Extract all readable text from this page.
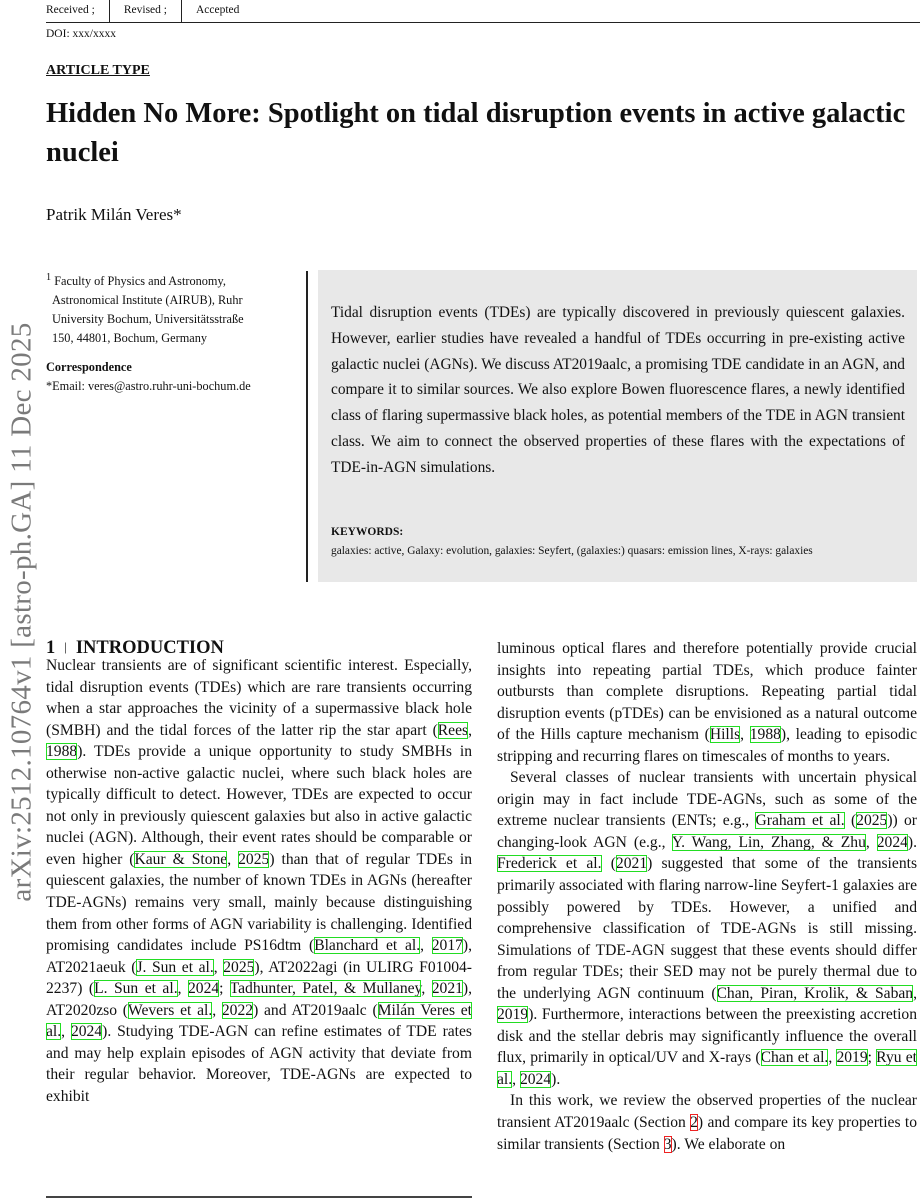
Received ;	Revised ;	Accepted
DOI: xxx/xxxx
ARTICLE TYPE
Hidden No More: Spotlight on tidal disruption events in active galactic nuclei
Patrik Milán Veres*
$^1$ Faculty of Physics and Astronomy,
Astronomical Institute (AIRUB), Ruhr
University Bochum, Universitätsstraße
150, 44801, Bochum, Germany
Correspondence
*Email: veres@astro.ruhr-uni-bochum.de
Tidal disruption events (TDEs) are typically discovered in previously quiescent galaxies. However, earlier studies have revealed a handful of TDEs occurring in pre-existing active galactic nuclei (AGNs). We discuss AT2019aalc, a promising TDE candidate in an AGN, and compare it to similar sources. We also explore Bowen fluorescence flares, a newly identified class of flaring supermassive black holes, as potential members of the TDE in AGN transient class. We aim to connect the observed properties of these flares with the expectations of TDE-in-AGN simulations.
KEYWORDS:
galaxies: active, Galaxy: evolution, galaxies: Seyfert, (galaxies:) quasars: emission lines, X-rays: galaxies
arXiv:2512.10764v1 [astro-ph.GA] 11 Dec 2025 1 | INTRODUCTION

Nuclear transients are of significant scientific interest. Especially, tidal disruption events (TDEs) which are rare transients occurring when a star approaches the vicinity of a supermassive black hole (SMBH) and the tidal forces of the latter rip the star apart (Rees, 1988). TDEs provide a unique opportunity to study SMBHs in otherwise non-active galactic nuclei, where such black holes are typically difficult to detect. However, TDEs are expected to occur not only in previously quiescent galaxies but also in active galactic nuclei (AGN). Although, their event rates should be comparable or even higher (Kaur & Stone, 2025) than that of regular TDEs in quiescent galaxies, the number of known TDEs in AGNs (hereafter TDE-AGNs) remains very small, mainly because distinguishing them from other forms of AGN variability is challenging. Identified promising candidates include PS16dtm (Blanchard et al., 2017), AT2021aeuk (J. Sun et al., 2025), AT2022agi (in ULIRG F01004-2237) (L. Sun et al., 2024; Tadhunter, Patel, & Mullaney, 2021), AT2020zso (Wevers et al., 2022) and AT2019aalc (Milán Veres et al., 2024). Studying TDE-AGN can refine estimates of TDE rates and may help explain episodes of AGN activity that deviate from their regular behavior. Moreover, TDE-AGNs are expected to exhibit

luminous optical flares and therefore potentially provide crucial insights into repeating partial TDEs, which produce fainter outbursts than complete disruptions. Repeating partial tidal disruption events (pTDEs) can be envisioned as a natural outcome of the Hills capture mechanism (Hills, 1988), leading to episodic stripping and recurring flares on timescales of months to years.

Several classes of nuclear transients with uncertain physical origin may in fact include TDE-AGNs, such as some of the extreme nuclear transients (ENTs; e.g., Graham et al. (2025)) or changing-look AGN (e.g., Y. Wang, Lin, Zhang, & Zhu, 2024). Frederick et al. (2021) suggested that some of the transients primarily associated with flaring narrow-line Seyfert-1 galaxies are possibly powered by TDEs. However, a unified and comprehensive classification of TDE-AGNs is still missing. Simulations of TDE-AGN suggest that these events should differ from regular TDEs; their SED may not be purely thermal due to the underlying AGN continuum (Chan, Piran, Krolik, & Saban, 2019). Furthermore, interactions between the preexisting accretion disk and the stellar debris may significantly influence the overall flux, primarily in optical/UV and X-rays (Chan et al., 2019; Ryu et al., 2024).

In this work, we review the observed properties of the nuclear transient AT2019aalc (Section 2) and compare its key properties to similar transients (Section 3). We elaborate on
